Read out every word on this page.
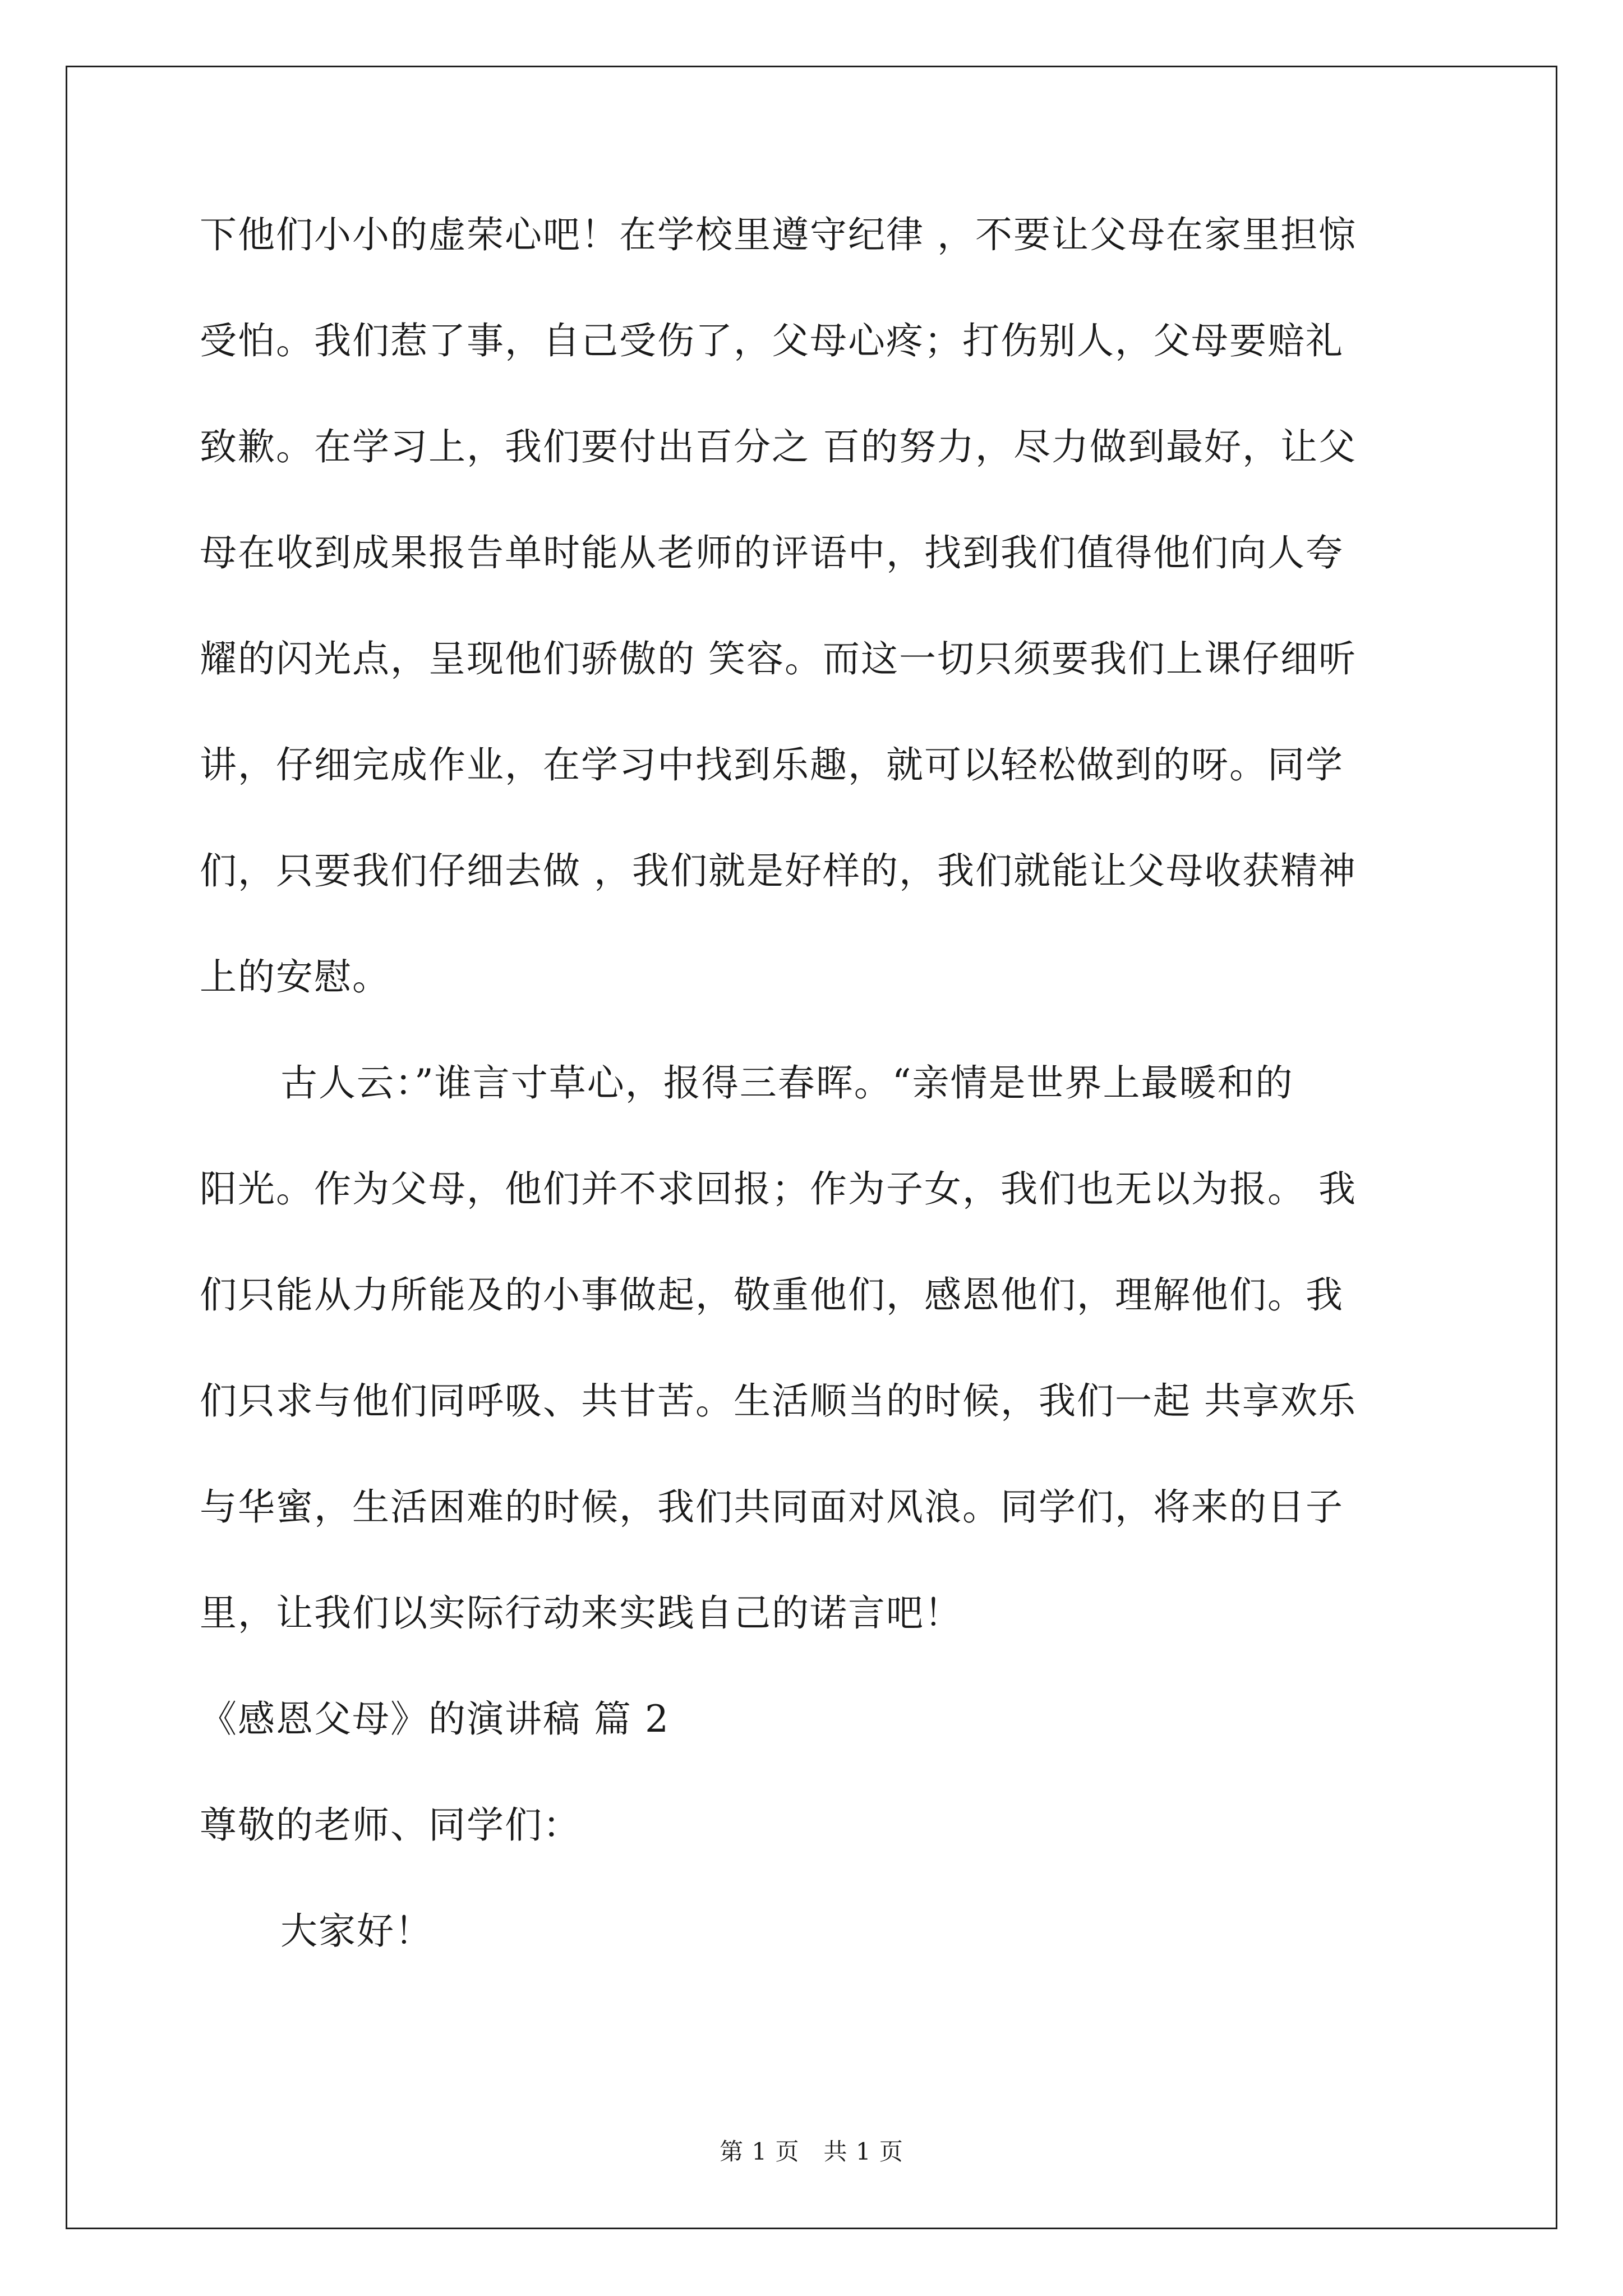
下他们小小的虚荣心吧！在学校里遵守纪律 ，不要让父母在家里担惊
受怕。我们惹了事，自己受伤了，父母心疼；打伤别人，父母要赔礼
致歉。在学习上，我们要付出百分之 百的努力，尽力做到最好，让父
母在收到成果报告单时能从老师的评语中，找到我们值得他们向人夸
耀的闪光点，呈现他们骄傲的 笑容。而这一切只须要我们上课仔细听
讲，仔细完成作业，在学习中找到乐趣，就可以轻松做到的呀。同学
们，只要我们仔细去做 ，我们就是好样的，我们就能让父母收获精神
上的安慰。
古人云：”谁言寸草心，报得三春晖。“亲情是世界上最暖和的
阳光。作为父母，他们并不求回报；作为子女，我们也无以为报。 我
们只能从力所能及的小事做起，敬重他们，感恩他们，理解他们。我
们只求与他们同呼吸、共甘苦。生活顺当的时候，我们一起 共享欢乐
与华蜜，生活困难的时候，我们共同面对风浪。同学们，将来的日子
里，让我们以实际行动来实践自己的诺言吧！
《感恩父母》的演讲稿 篇 2
尊敬的老师、同学们：
大家好！
第 1 页　共 1 页
